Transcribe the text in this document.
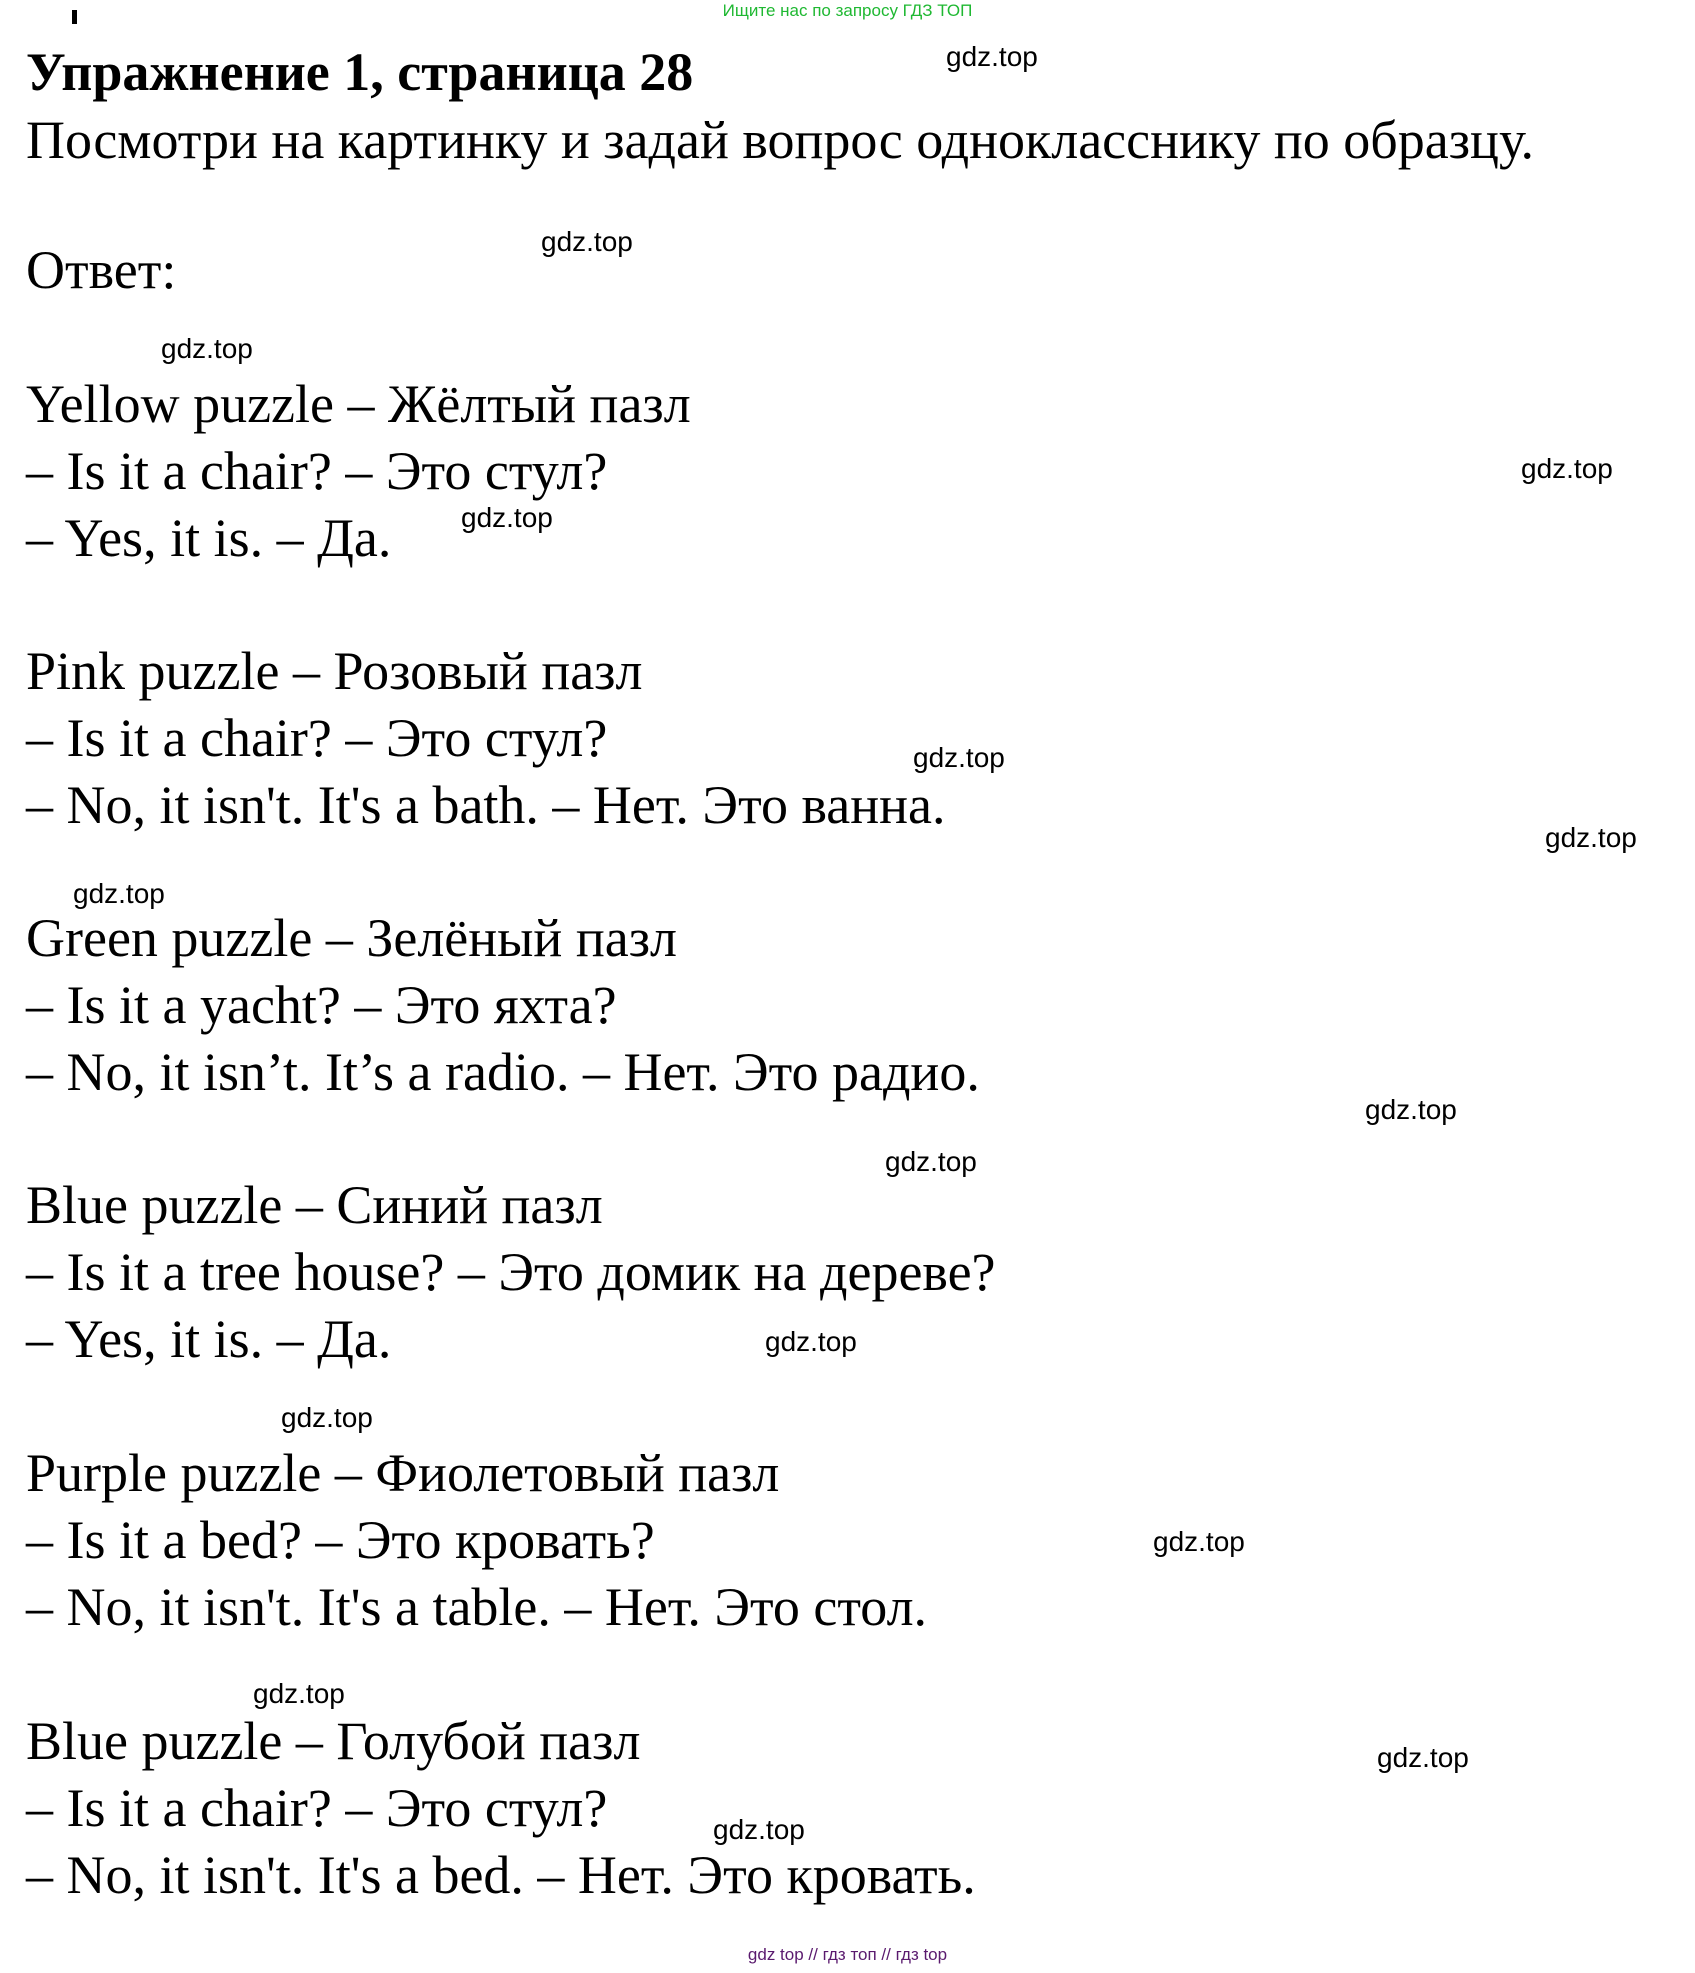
Ищите нас по запросу ГДЗ ТОП
Упражнение 1, страница 28
Посмотри на картинку и задай вопрос однокласснику по образцу.
Ответ:
Yellow puzzle – Жёлтый пазл
– Is it a chair? – Это стул?
– Yes, it is. – Да.
Pink puzzle – Розовый пазл
– Is it a chair? – Это стул?
– No, it isn't. It's a bath. – Нет. Это ванна.
Green puzzle – Зелёный пазл
– Is it a yacht? – Это яхта?
– No, it isn’t. It’s a radio. – Нет. Это радио.
Blue puzzle – Синий пазл
– Is it a tree house? – Это домик на дереве?
– Yes, it is. – Да.
Purple puzzle – Фиолетовый пазл
– Is it a bed? – Это кровать?
– No, it isn't. It's a table. – Нет. Это стол.
Blue puzzle – Голубой пазл
– Is it a chair? – Это стул?
– No, it isn't. It's a bed. – Нет. Это кровать.
gdz.top
gdz.top
gdz.top
gdz.top
gdz.top
gdz.top
gdz.top
gdz.top
gdz.top
gdz.top
gdz.top
gdz.top
gdz.top
gdz.top
gdz.top
gdz.top
gdz top // гдз топ // гдз top
